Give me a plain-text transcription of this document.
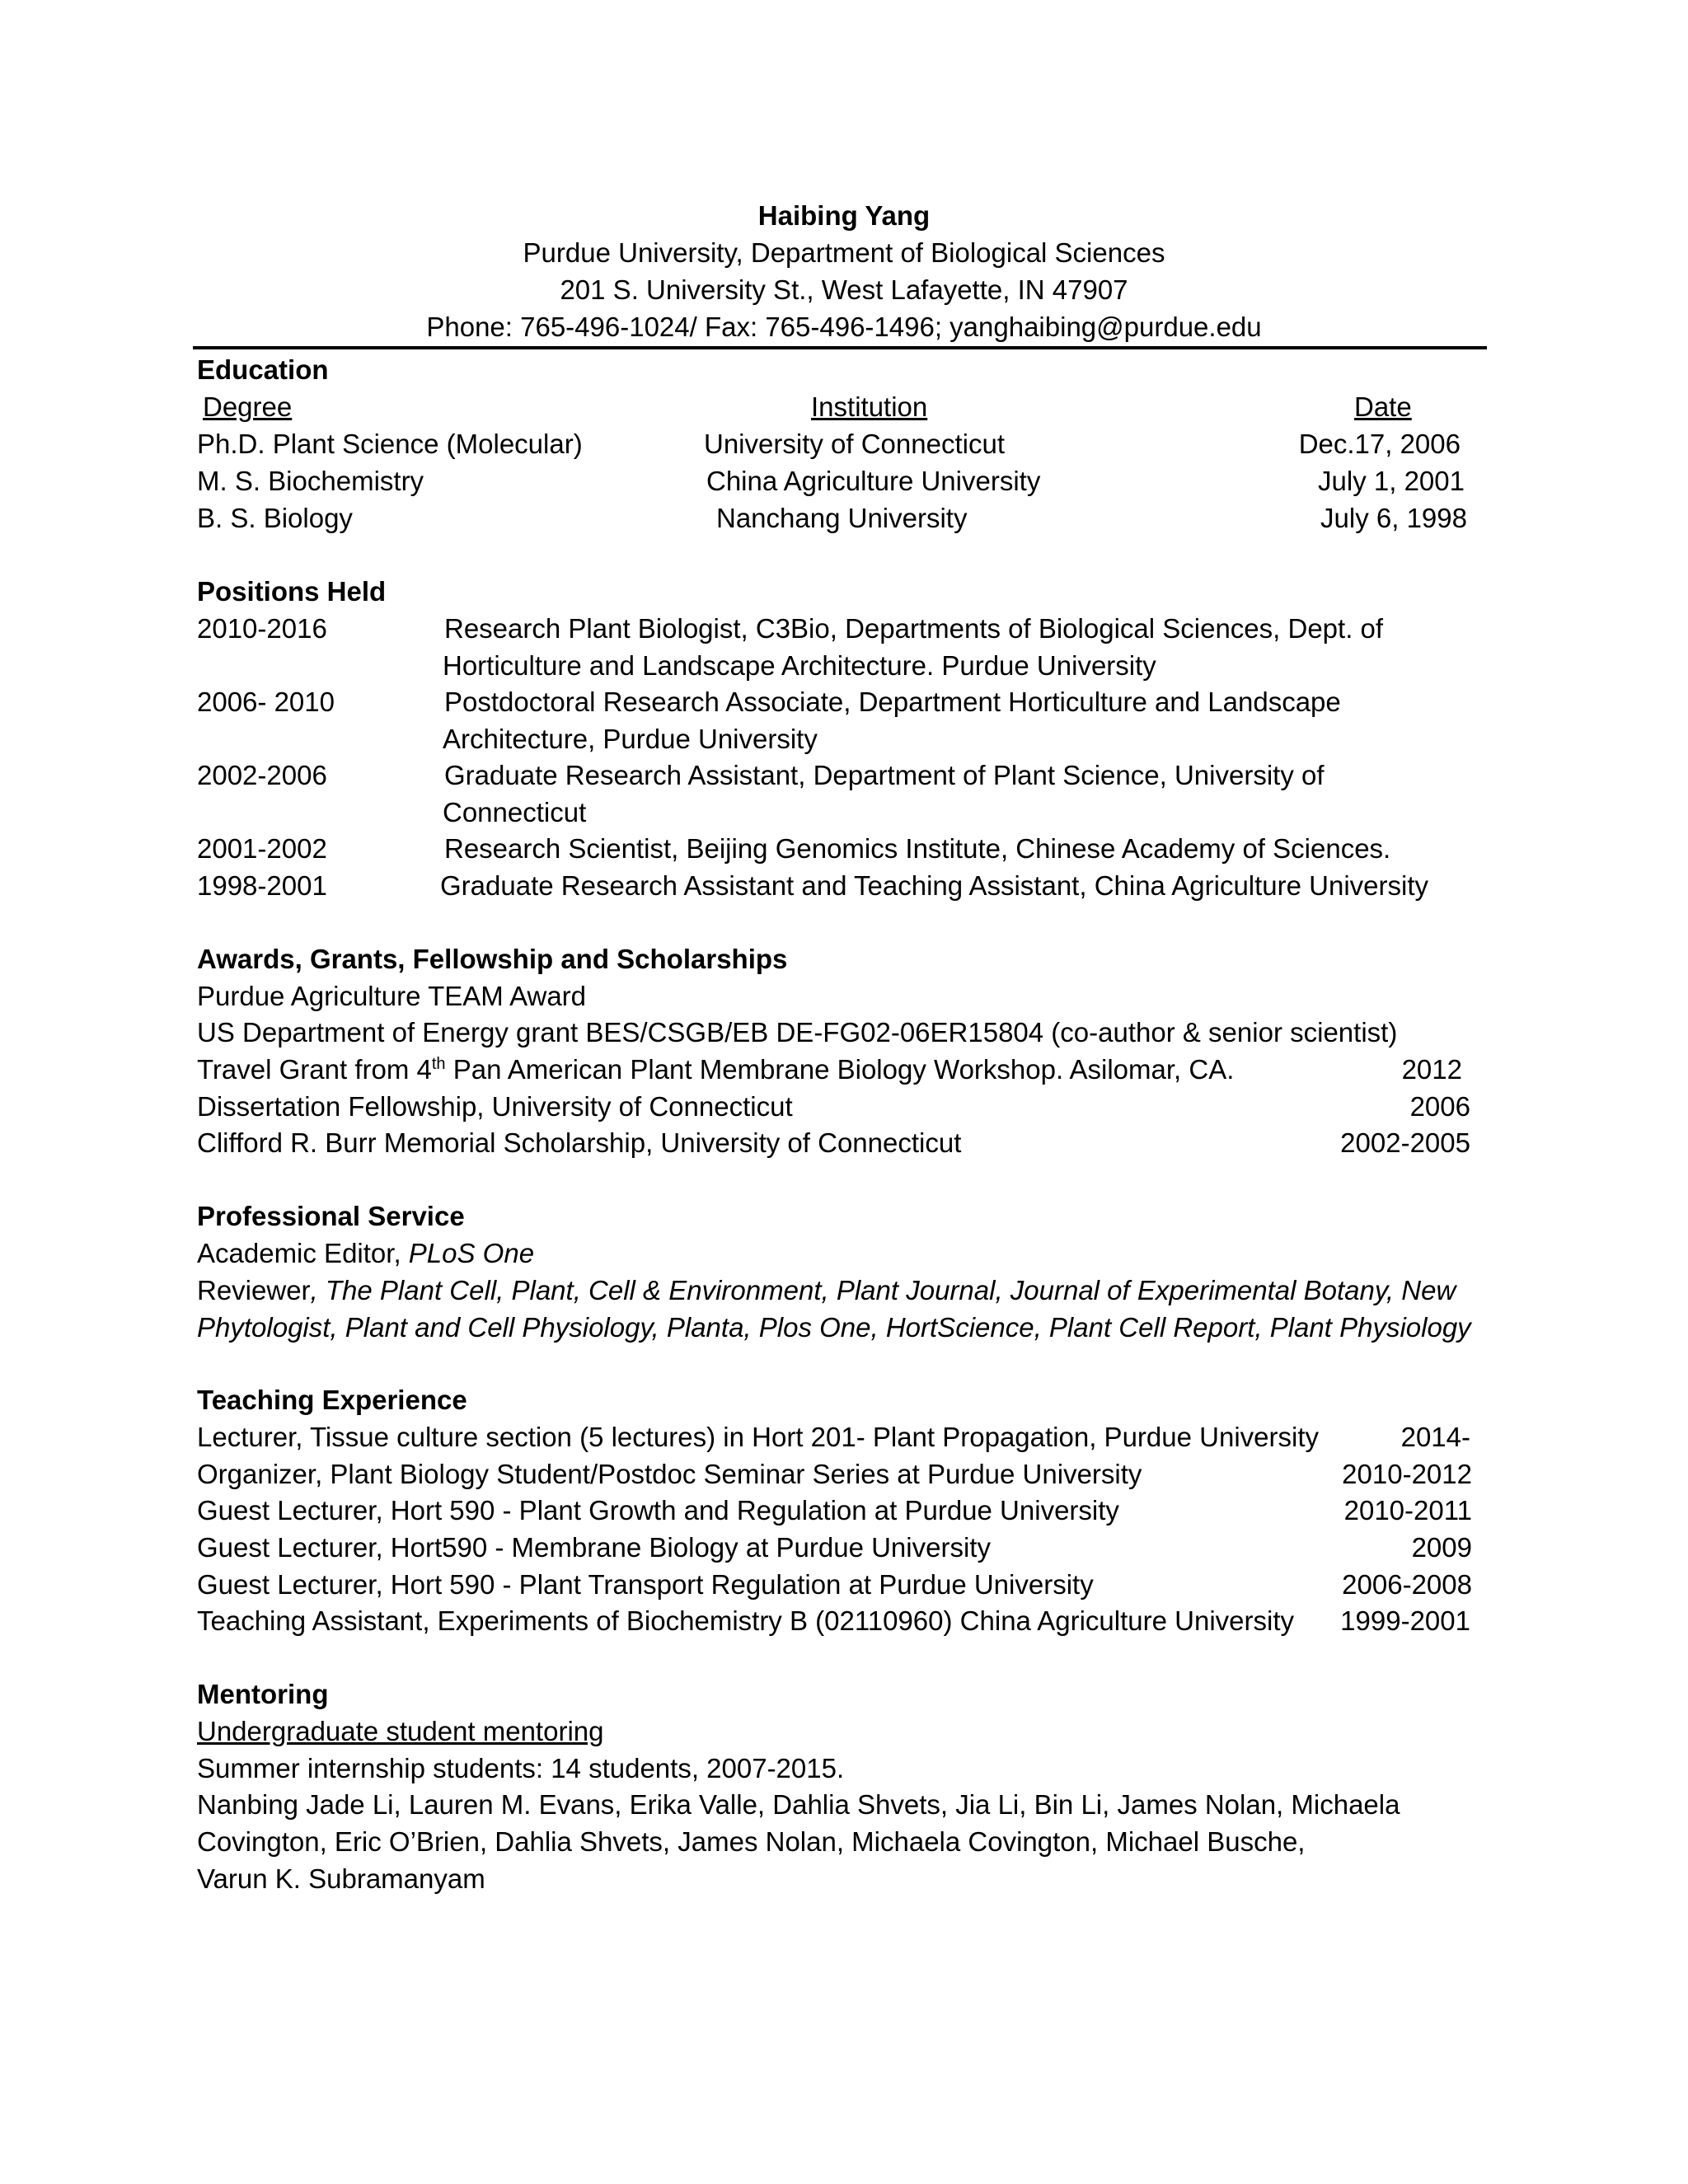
Haibing Yang
Purdue University, Department of Biological Sciences
201 S. University St., West Lafayette, IN 47907
Phone: 765-496-1024/ Fax: 765-496-1496; yanghaibing@purdue.edu
Education
Degree	Institution	Date
Ph.D. Plant Science (Molecular)	University of Connecticut	Dec.17, 2006
M. S. Biochemistry	China Agriculture University	July 1, 2001
B. S. Biology	Nanchang University	July 6, 1998
Positions Held
2010-2016	Research Plant Biologist, C3Bio, Departments of Biological Sciences, Dept. of
Horticulture and Landscape Architecture. Purdue University
2006- 2010	Postdoctoral Research Associate, Department Horticulture and Landscape
Architecture, Purdue University
2002-2006	Graduate Research Assistant, Department of Plant Science, University of
Connecticut
2001-2002	Research Scientist, Beijing Genomics Institute, Chinese Academy of Sciences.
1998-2001	Graduate Research Assistant and Teaching Assistant, China Agriculture University
Awards, Grants, Fellowship and Scholarships
Purdue Agriculture TEAM Award
US Department of Energy grant BES/CSGB/EB DE-FG02-06ER15804 (co-author & senior scientist)
Travel Grant from 4th Pan American Plant Membrane Biology Workshop. Asilomar, CA.	2012
Dissertation Fellowship, University of Connecticut	2006
Clifford R. Burr Memorial Scholarship, University of Connecticut	2002-2005
Professional Service
Academic Editor, PLoS One
Reviewer, The Plant Cell, Plant, Cell & Environment, Plant Journal, Journal of Experimental Botany, New
Phytologist, Plant and Cell Physiology, Planta, Plos One, HortScience, Plant Cell Report, Plant Physiology
Teaching Experience
Lecturer, Tissue culture section (5 lectures) in Hort 201- Plant Propagation, Purdue University	2014-
Organizer, Plant Biology Student/Postdoc Seminar Series at Purdue University	2010-2012
Guest Lecturer, Hort 590 - Plant Growth and Regulation at Purdue University	2010-2011
Guest Lecturer, Hort590 - Membrane Biology at Purdue University	2009
Guest Lecturer, Hort 590 - Plant Transport Regulation at Purdue University	2006-2008
Teaching Assistant, Experiments of Biochemistry B (02110960) China Agriculture University 1999-2001
Mentoring
Undergraduate student mentoring
Summer internship students: 14 students, 2007-2015.
Nanbing Jade Li, Lauren M. Evans, Erika Valle, Dahlia Shvets, Jia Li, Bin Li, James Nolan, Michaela
Covington, Eric O’Brien, Dahlia Shvets, James Nolan, Michaela Covington, Michael Busche,
Varun K. Subramanyam
